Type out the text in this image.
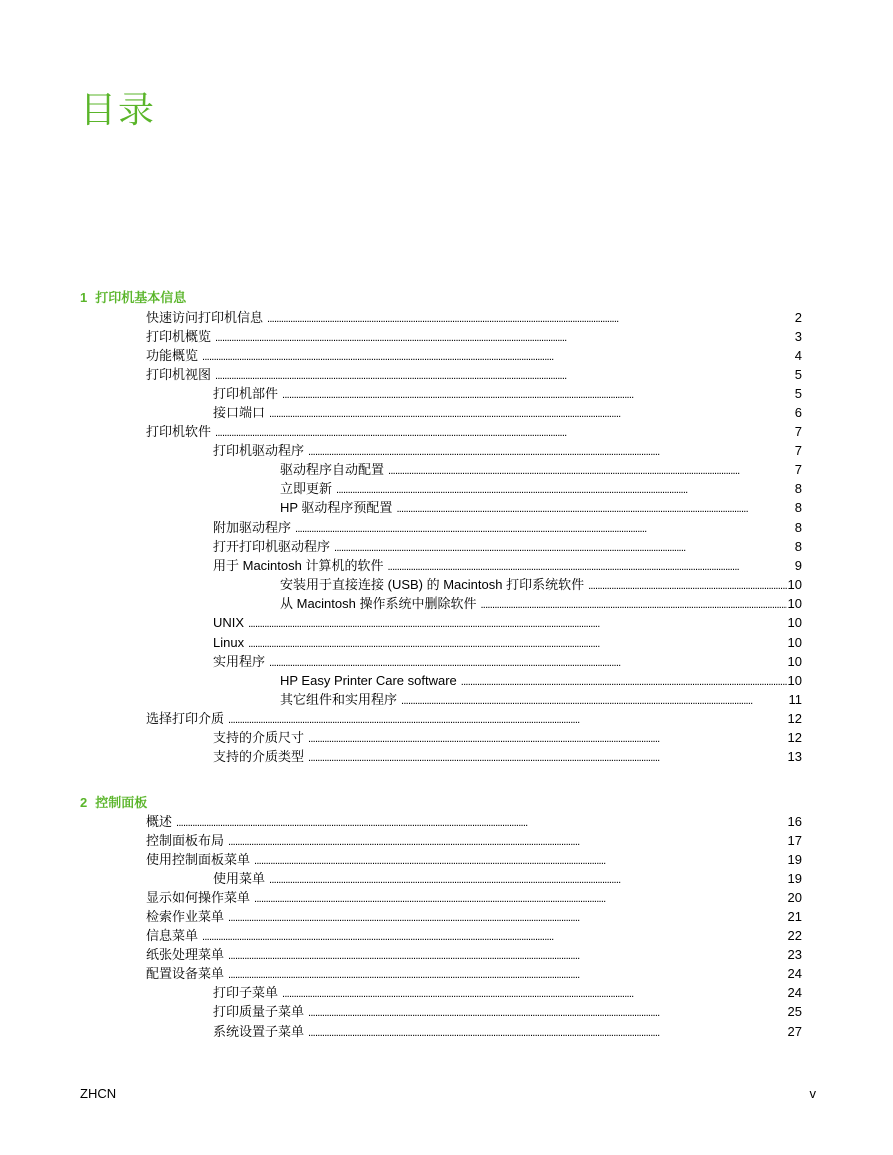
目录
1 打印机基本信息
快速访问打印机信息 . . .	2
打印机概览 . . .	3
功能概览 . . .	4
打印机视图 . . .	5
打印机部件 . . .	5
接口端口 . . .	6
打印机软件 . . .	7
打印机驱动程序 . . .	7
驱动程序自动配置 . . .	7
立即更新 . . .	8
HP 驱动程序预配置 . . .	8
附加驱动程序 . . .	8
打开打印机驱动程序 . . .	8
用于 Macintosh 计算机的软件 . . .	9
安装用于直接连接 (USB) 的 Macintosh 打印系统软件 . . .	10
从 Macintosh 操作系统中删除软件 . . .	10
UNIX . . .	10
Linux . . .	10
实用程序 . . .	10
HP Easy Printer Care software . . .	10
其它组件和实用程序 . . .	11
选择打印介质 . . .	12
支持的介质尺寸 . . .	12
支持的介质类型 . . .	13
2 控制面板
概述 . . .	16
控制面板布局 . . .	17
使用控制面板菜单 . . .	19
使用菜单 . . .	19
显示如何操作菜单 . . .	20
检索作业菜单 . . .	21
信息菜单 . . .	22
纸张处理菜单 . . .	23
配置设备菜单 . . .	24
打印子菜单 . . .	24
打印质量子菜单 . . .	25
系统设置子菜单 . . .	27
ZHCN	v
